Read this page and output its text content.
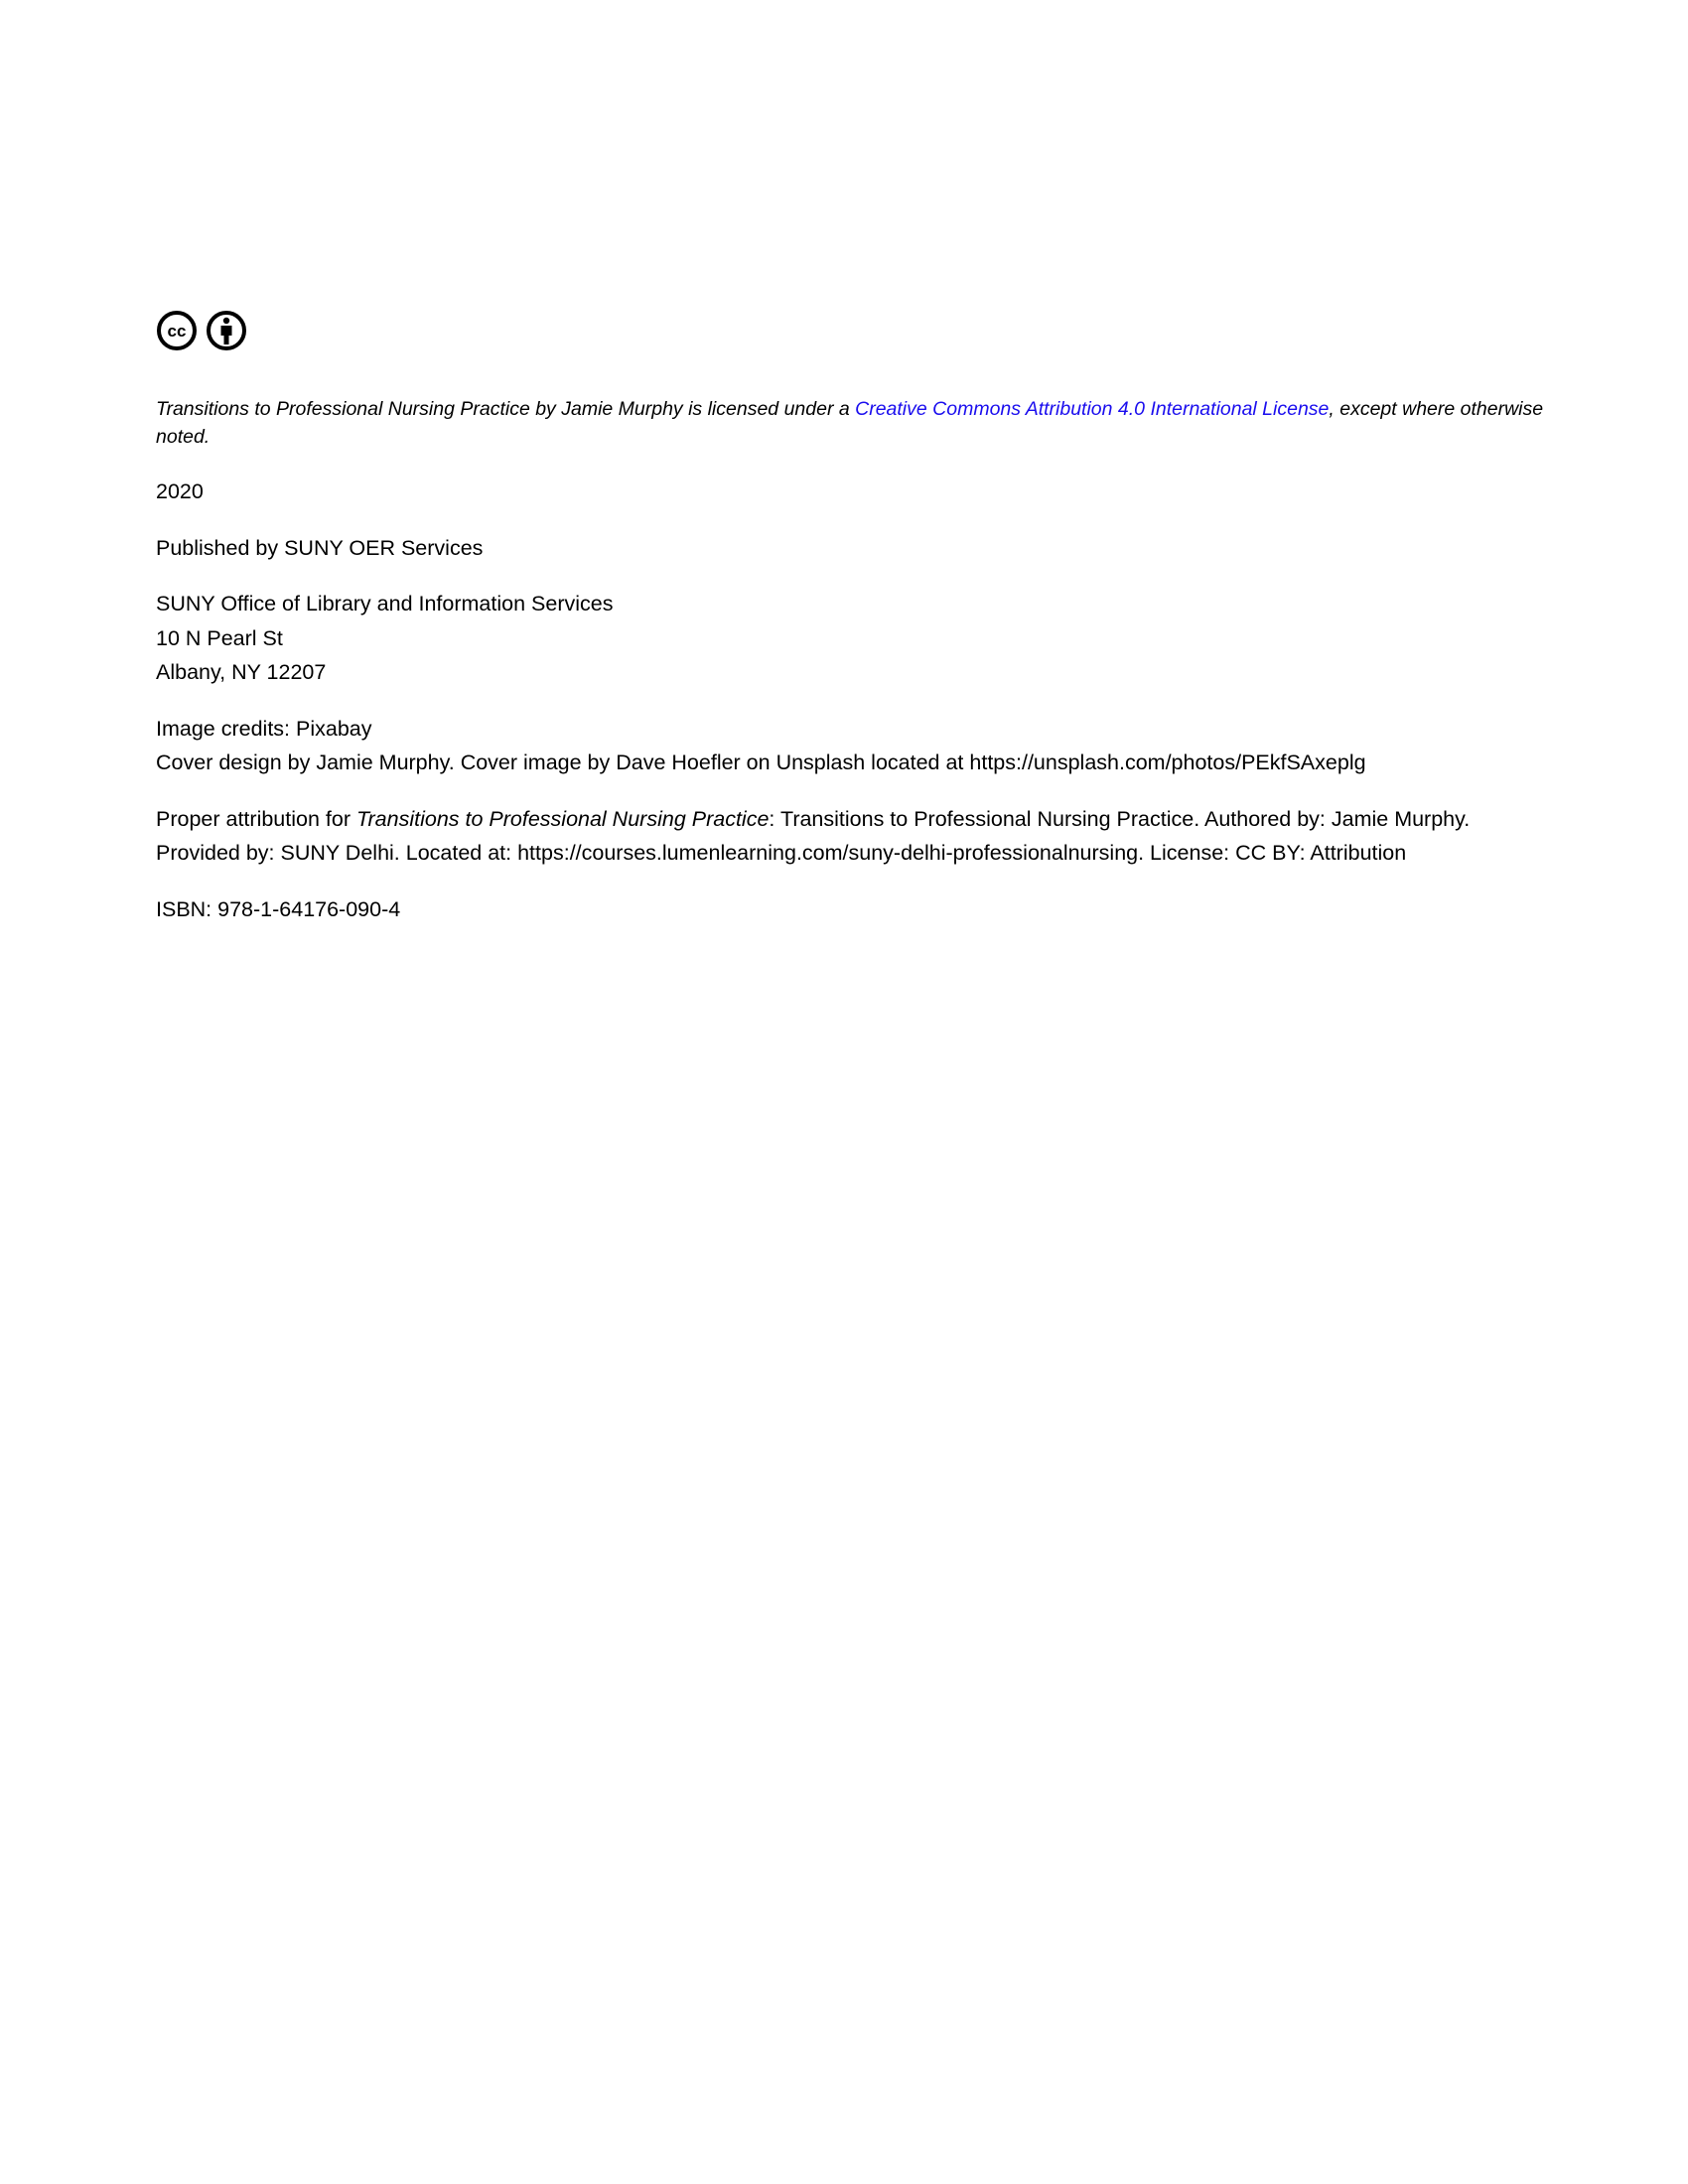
cc

Transitions to Professional Nursing Practice by Jamie Murphy is licensed under a Creative Commons Attribution 4.0 International License, except where otherwise noted.

2020

Published by SUNY OER Services

SUNY Office of Library and Information Services
10 N Pearl St
Albany, NY 12207

Image credits: Pixabay
Cover design by Jamie Murphy. Cover image by Dave Hoefler on Unsplash located at https://unsplash.com/photos/PEkfSAxeplg

Proper attribution for Transitions to Professional Nursing Practice: Transitions to Professional Nursing Practice. Authored by: Jamie Murphy.
Provided by: SUNY Delhi. Located at: https://courses.lumenlearning.com/suny-delhi-professionalnursing. License: CC BY: Attribution

ISBN: 978-1-64176-090-4
